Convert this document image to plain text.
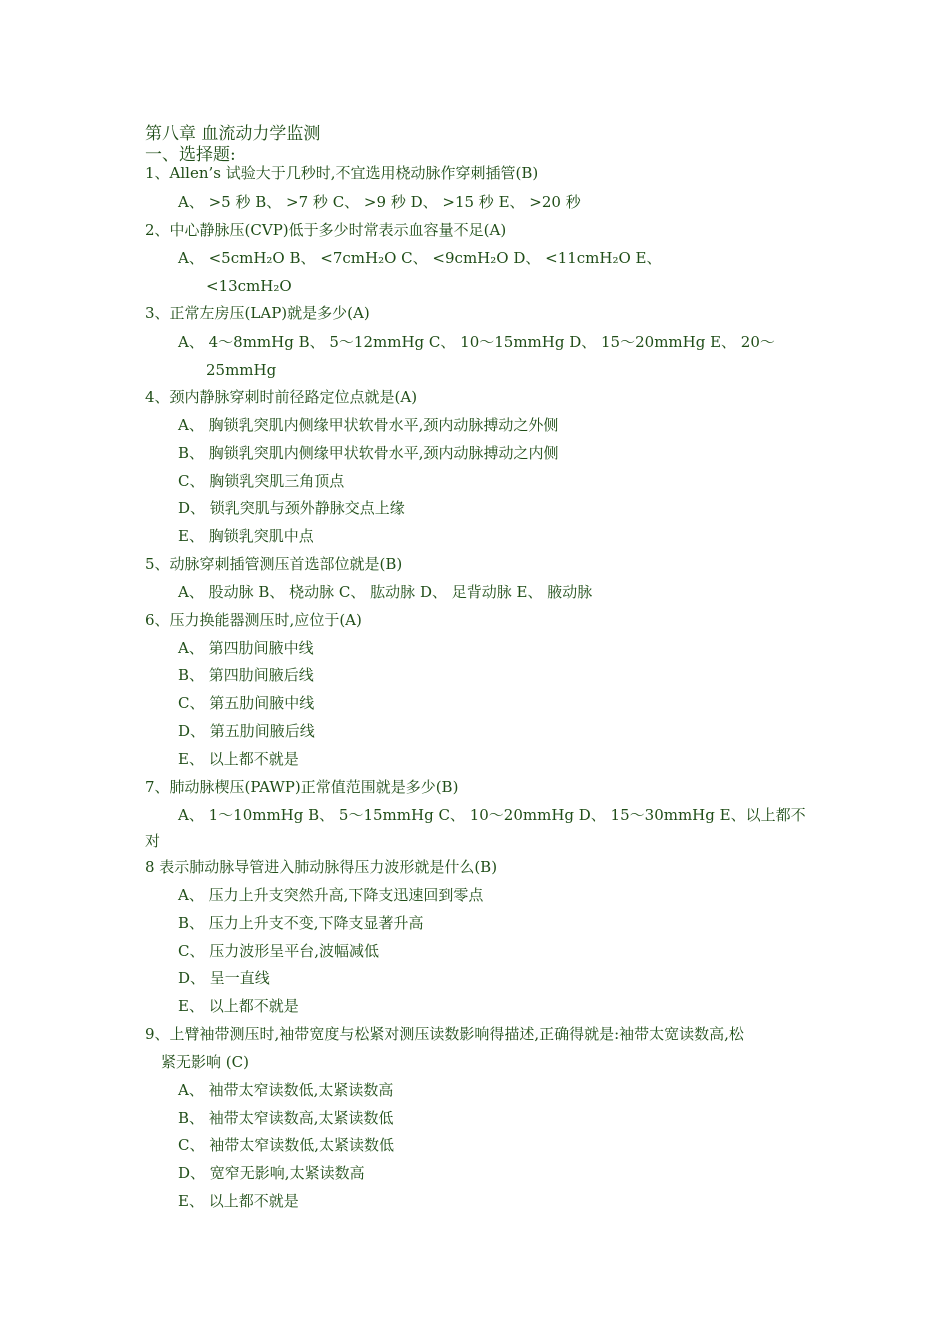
第八章 血流动力学监测
一、选择题:
1、Allen’s 试验大于几秒时,不宜选用桡动脉作穿刺插管(B)
A、 >5 秒 B、 >7 秒 C、 >9 秒 D、 >15 秒 E、 >20 秒
2、中心静脉压(CVP)低于多少时常表示血容量不足(A)
A、 <5cmH₂O B、 <7cmH₂O C、 <9cmH₂O D、 <11cmH₂O E、
<13cmH₂O
3、正常左房压(LAP)就是多少(A)
A、 4～8mmHg B、 5～12mmHg C、 10～15mmHg D、 15～20mmHg E、 20～
25mmHg
4、颈内静脉穿刺时前径路定位点就是(A)
A、 胸锁乳突肌内侧缘甲状软骨水平,颈内动脉搏动之外侧
B、 胸锁乳突肌内侧缘甲状软骨水平,颈内动脉搏动之内侧
C、 胸锁乳突肌三角顶点
D、 锁乳突肌与颈外静脉交点上缘
E、 胸锁乳突肌中点
5、动脉穿刺插管测压首选部位就是(B)
A、 股动脉 B、 桡动脉 C、 肱动脉 D、 足背动脉 E、 腋动脉
6、压力换能器测压时,应位于(A)
A、 第四肋间腋中线
B、 第四肋间腋后线
C、 第五肋间腋中线
D、 第五肋间腋后线
E、 以上都不就是
7、肺动脉楔压(PAWP)正常值范围就是多少(B)
A、 1～10mmHg B、 5～15mmHg C、 10～20mmHg D、 15～30mmHg E、以上都不
对
8 表示肺动脉导管进入肺动脉得压力波形就是什么(B)
A、 压力上升支突然升高,下降支迅速回到零点
B、 压力上升支不变,下降支显著升高
C、 压力波形呈平台,波幅减低
D、 呈一直线
E、 以上都不就是
9、上臂袖带测压时,袖带宽度与松紧对测压读数影响得描述,正确得就是:袖带太宽读数高,松
紧无影响 (C)
A、 袖带太窄读数低,太紧读数高
B、 袖带太窄读数高,太紧读数低
C、 袖带太窄读数低,太紧读数低
D、 宽窄无影响,太紧读数高
E、 以上都不就是
